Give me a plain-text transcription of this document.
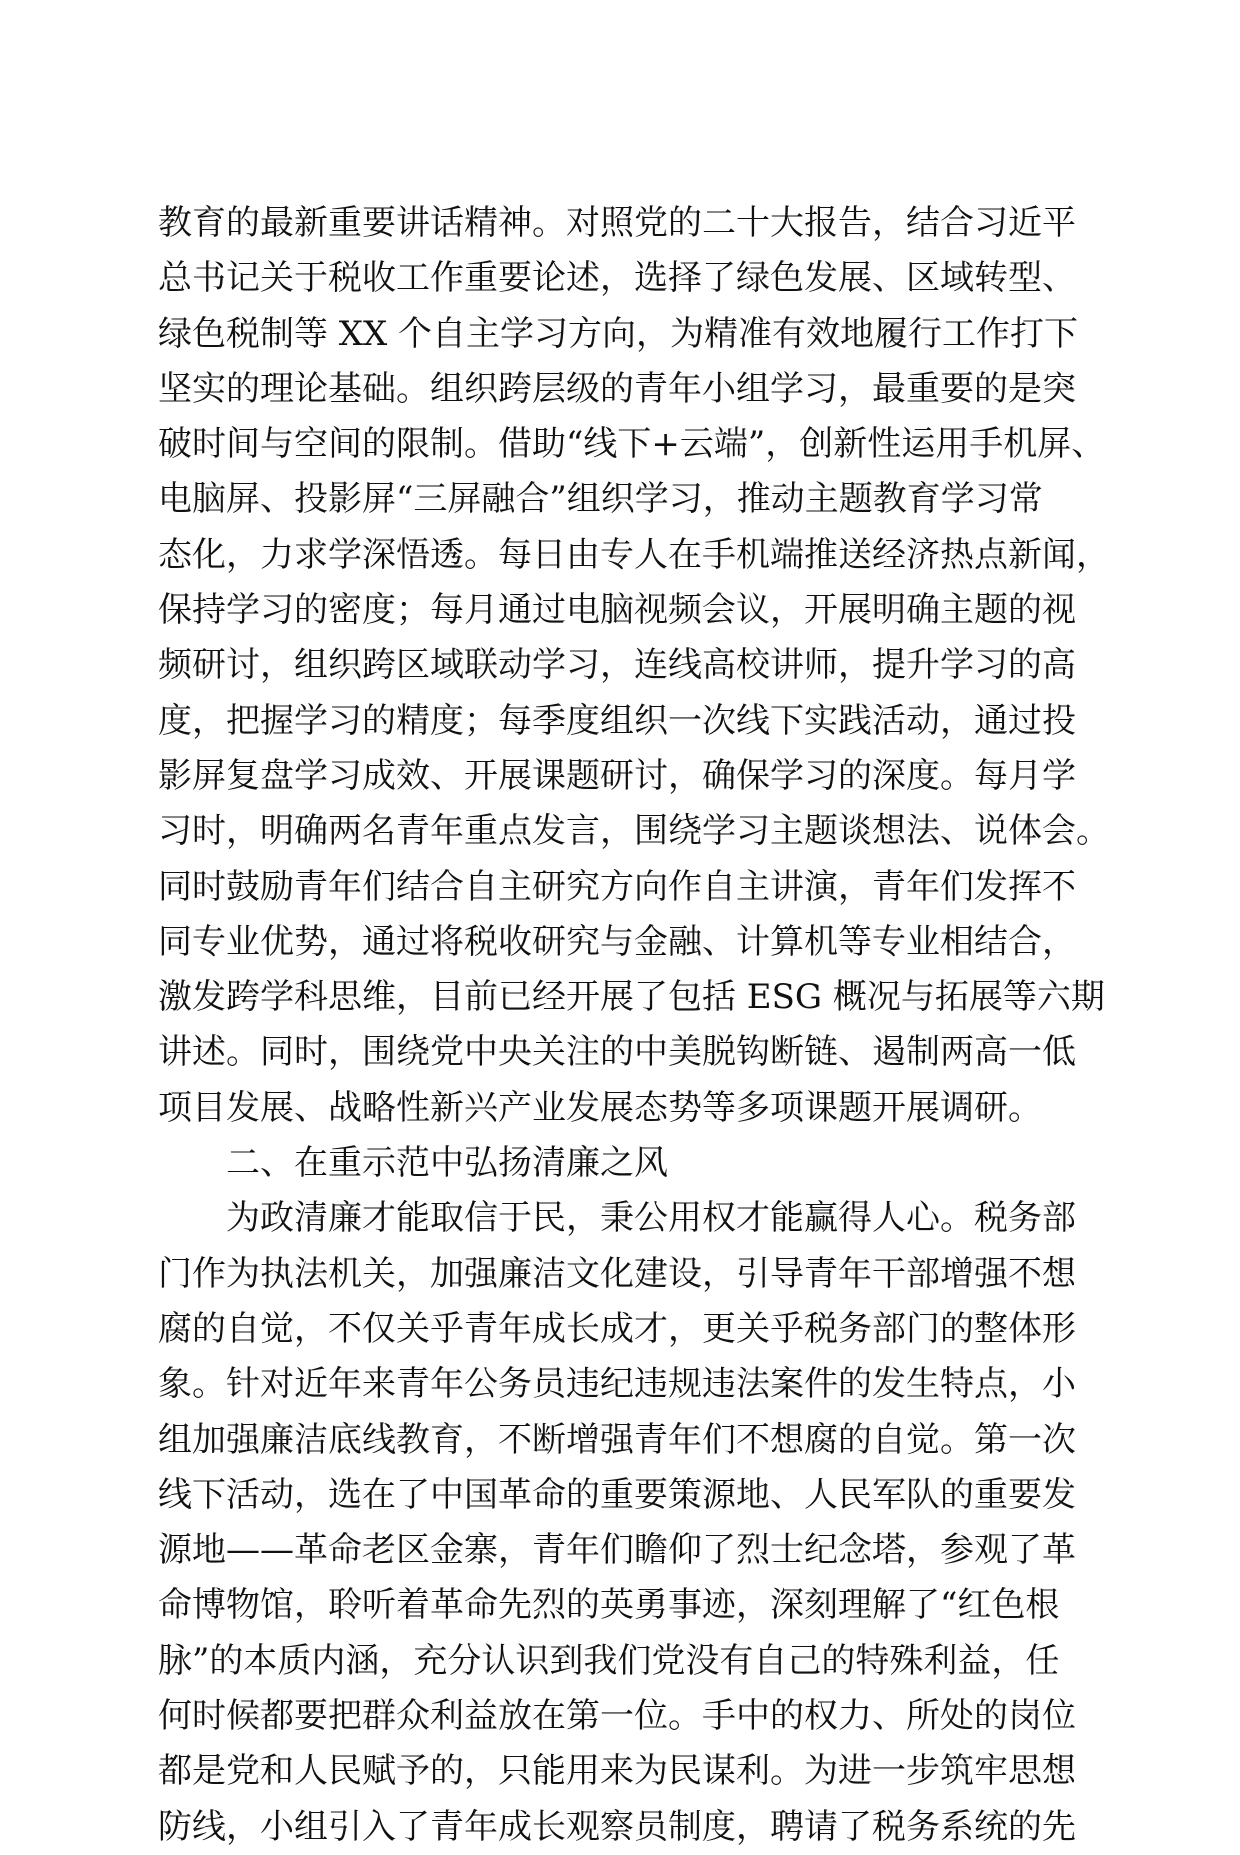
教育的最新重要讲话精神。对照党的二十大报告，结合习近平
总书记关于税收工作重要论述，选择了绿色发展、区域转型、
绿色税制等 XX 个自主学习方向，为精准有效地履行工作打下
坚实的理论基础。组织跨层级的青年小组学习，最重要的是突
破时间与空间的限制。借助“线下+云端”，创新性运用手机屏、
电脑屏、投影屏“三屏融合”组织学习，推动主题教育学习常
态化，力求学深悟透。每日由专人在手机端推送经济热点新闻，
保持学习的密度；每月通过电脑视频会议，开展明确主题的视
频研讨，组织跨区域联动学习，连线高校讲师，提升学习的高
度，把握学习的精度；每季度组织一次线下实践活动，通过投
影屏复盘学习成效、开展课题研讨，确保学习的深度。每月学
习时，明确两名青年重点发言，围绕学习主题谈想法、说体会。
同时鼓励青年们结合自主研究方向作自主讲演，青年们发挥不
同专业优势，通过将税收研究与金融、计算机等专业相结合，
激发跨学科思维，目前已经开展了包括 ESG 概况与拓展等六期
讲述。同时，围绕党中央关注的中美脱钩断链、遏制两高一低
项目发展、战略性新兴产业发展态势等多项课题开展调研。
二、在重示范中弘扬清廉之风
为政清廉才能取信于民，秉公用权才能赢得人心。税务部
门作为执法机关，加强廉洁文化建设，引导青年干部增强不想
腐的自觉，不仅关乎青年成长成才，更关乎税务部门的整体形
象。针对近年来青年公务员违纪违规违法案件的发生特点，小
组加强廉洁底线教育，不断增强青年们不想腐的自觉。第一次
线下活动，选在了中国革命的重要策源地、人民军队的重要发
源地——革命老区金寨，青年们瞻仰了烈士纪念塔，参观了革
命博物馆，聆听着革命先烈的英勇事迹，深刻理解了“红色根
脉”的本质内涵，充分认识到我们党没有自己的特殊利益，任
何时候都要把群众利益放在第一位。手中的权力、所处的岗位
都是党和人民赋予的，只能用来为民谋利。为进一步筑牢思想
防线，小组引入了青年成长观察员制度，聘请了税务系统的先
